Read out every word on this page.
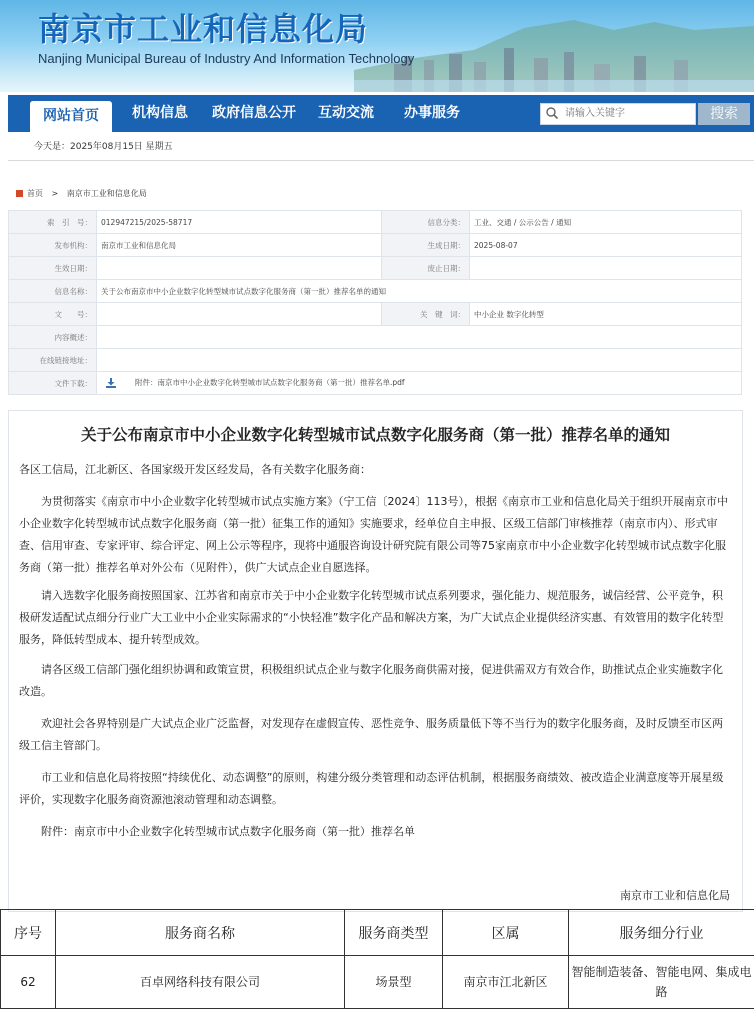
南京市工业和信息化局
Nanjing Municipal Bureau of Industry And Information Technology
网站首页	机构信息	政府信息公开	互动交流	办事服务
请输入关键字	搜索
今天是：2025年08月15日 星期五
首页 > 南京市工业和信息化局
索　引　号：	012947215/2025-58717	信息分类：	工业、交通 / 公示公告 / 通知
发布机构：	南京市工业和信息化局	生成日期：	2025-08-07
生效日期：		废止日期：	
信息名称：	关于公布南京市中小企业数字化转型城市试点数字化服务商（第一批）推荐名单的通知		
文　　号：		关　键　词：	中小企业 数字化转型
内容概述：			
在线链接地址：			
文件下载：	附件：南京市中小企业数字化转型城市试点数字化服务商（第一批）推荐名单.pdf		
关于公布南京市中小企业数字化转型城市试点数字化服务商（第一批）推荐名单的通知

各区工信局，江北新区、各国家级开发区经发局，各有关数字化服务商：

为贯彻落实《南京市中小企业数字化转型城市试点实施方案》（宁工信〔2024〕113号），根据《南京市工业和信息化局关于组织开展南京市中小企业数字化转型城市试点数字化服务商（第一批）征集工作的通知》实施要求，经单位自主申报、区级工信部门审核推荐（南京市内）、形式审查、信用审查、专家评审、综合评定、网上公示等程序，现将中通服咨询设计研究院有限公司等75家南京市中小企业数字化转型城市试点数字化服务商（第一批）推荐名单对外公布（见附件），供广大试点企业自愿选择。

请入选数字化服务商按照国家、江苏省和南京市关于中小企业数字化转型城市试点系列要求，强化能力、规范服务，诚信经营、公平竞争，积极研发适配试点细分行业广大工业中小企业实际需求的“小快轻准”数字化产品和解决方案，为广大试点企业提供经济实惠、有效管用的数字化转型服务，降低转型成本、提升转型成效。

请各区级工信部门强化组织协调和政策宣贯，积极组织试点企业与数字化服务商供需对接，促进供需双方有效合作，助推试点企业实施数字化改造。

欢迎社会各界特别是广大试点企业广泛监督，对发现存在虚假宣传、恶性竞争、服务质量低下等不当行为的数字化服务商，及时反馈至市区两级工信主管部门。

市工业和信息化局将按照“持续优化、动态调整”的原则，构建分级分类管理和动态评估机制，根据服务商绩效、被改造企业满意度等开展星级评价，实现数字化服务商资源池滚动管理和动态调整。

附件：南京市中小企业数字化转型城市试点数字化服务商（第一批）推荐名单

南京市工业和信息化局
序号	服务商名称	服务商类型	区属	服务细分行业
62	百卓网络科技有限公司	场景型	南京市江北新区	智能制造装备、智能电网、集成电路
